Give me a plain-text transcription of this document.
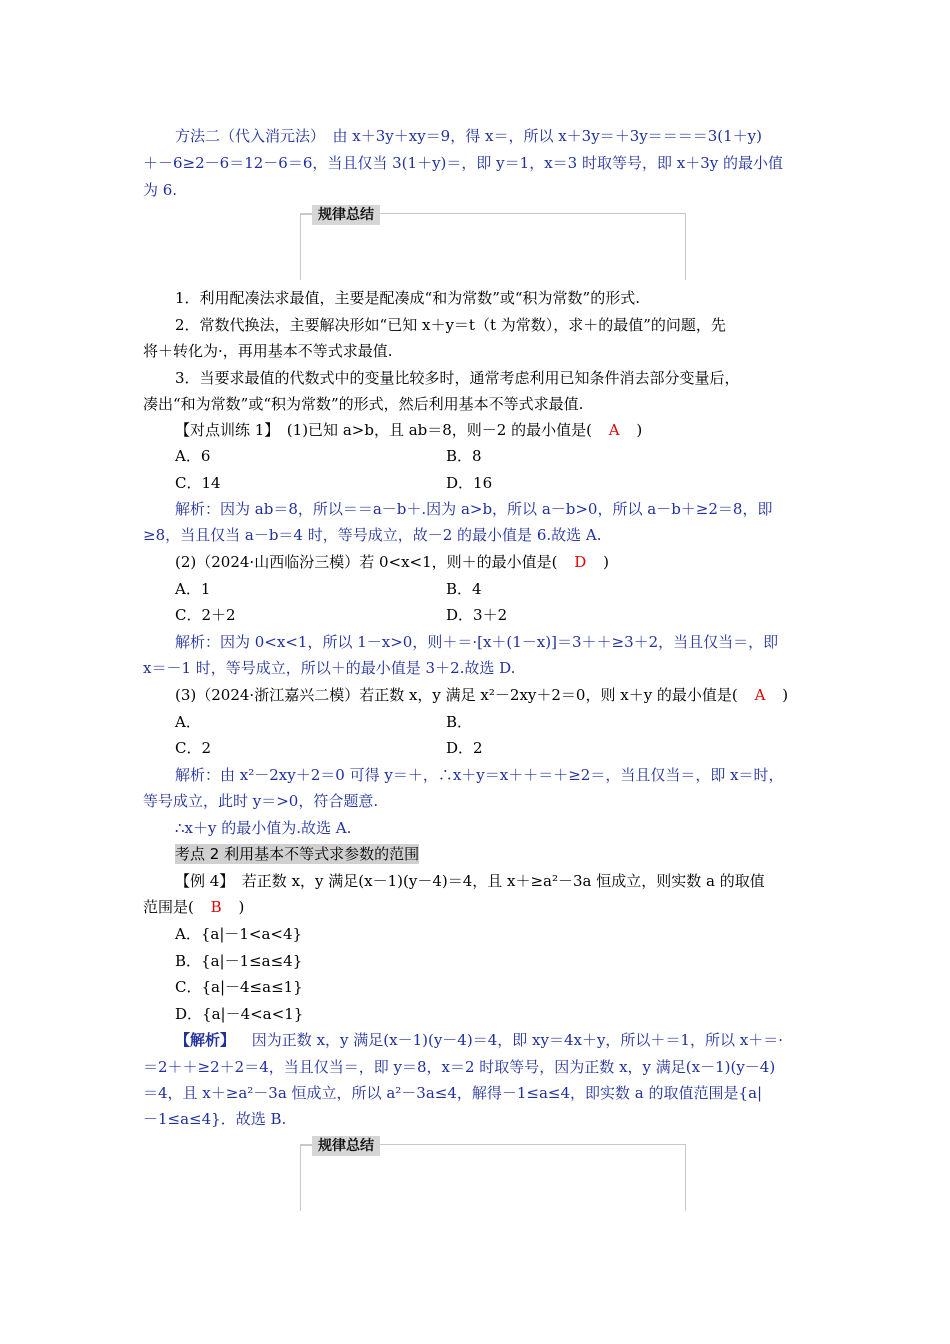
方法二（代入消元法）　由 x＋3y＋xy＝9，得 x＝，所以 x＋3y＝＋3y＝＝＝＝3(1＋y)
＋－6≥2－6＝12－6＝6，当且仅当 3(1＋y)＝，即 y＝1，x＝3 时取等号，即 x＋3y 的最小值
为 6.
规律总结
1．利用配凑法求最值，主要是配凑成“和为常数”或“积为常数”的形式.
2．常数代换法，主要解决形如“已知 x＋y＝t（t 为常数），求＋的最值”的问题，先
将＋转化为·，再用基本不等式求最值.
3．当要求最值的代数式中的变量比较多时，通常考虑利用已知条件消去部分变量后，
凑出“和为常数”或“积为常数”的形式，然后利用基本不等式求最值.
【对点训练 1】　(1)已知 a>b，且 ab＝8，则－2 的最小值是( A )
A．6	B．8
C．14	D．16
解析：因为 ab＝8，所以＝＝a－b＋.因为 a>b，所以 a－b>0，所以 a－b＋≥2＝8，即
≥8，当且仅当 a－b＝4 时，等号成立，故－2 的最小值是 6.故选 A.
(2)（2024·山西临汾三模）若 0<x<1，则＋的最小值是( D )
A．1	B．4
C．2＋2	D．3＋2
解析：因为 0<x<1，所以 1－x>0，则＋＝·[x＋(1－x)]＝3＋＋≥3＋2，当且仅当＝，即
x＝－1 时，等号成立，所以＋的最小值是 3＋2.故选 D.
(3)（2024·浙江嘉兴二模）若正数 x，y 满足 x²－2xy＋2＝0，则 x＋y 的最小值是( A )
A．	B．
C．2	D．2
解析：由 x²－2xy＋2＝0 可得 y＝＋，∴x＋y＝x＋＋＝＋≥2＝，当且仅当＝，即 x＝时，
等号成立，此时 y＝>0，符合题意.
∴x＋y 的最小值为.故选 A.
考点 2 利用基本不等式求参数的范围
【例 4】　若正数 x，y 满足(x－1)(y－4)＝4，且 x＋≥a²－3a 恒成立，则实数 a 的取值
范围是( B )
A．{a|－1<a<4}
B．{a|－1≤a≤4}
C．{a|－4≤a≤1}
D．{a|－4<a<1}
【解析】 因为正数 x，y 满足(x－1)(y－4)＝4，即 xy＝4x＋y，所以＋＝1，所以 x＋＝·
＝2＋＋≥2＋2＝4，当且仅当＝，即 y＝8，x＝2 时取等号，因为正数 x，y 满足(x－1)(y－4)
＝4，且 x＋≥a²－3a 恒成立，所以 a²－3a≤4，解得－1≤a≤4，即实数 a 的取值范围是{a|
－1≤a≤4}．故选 B.
规律总结
